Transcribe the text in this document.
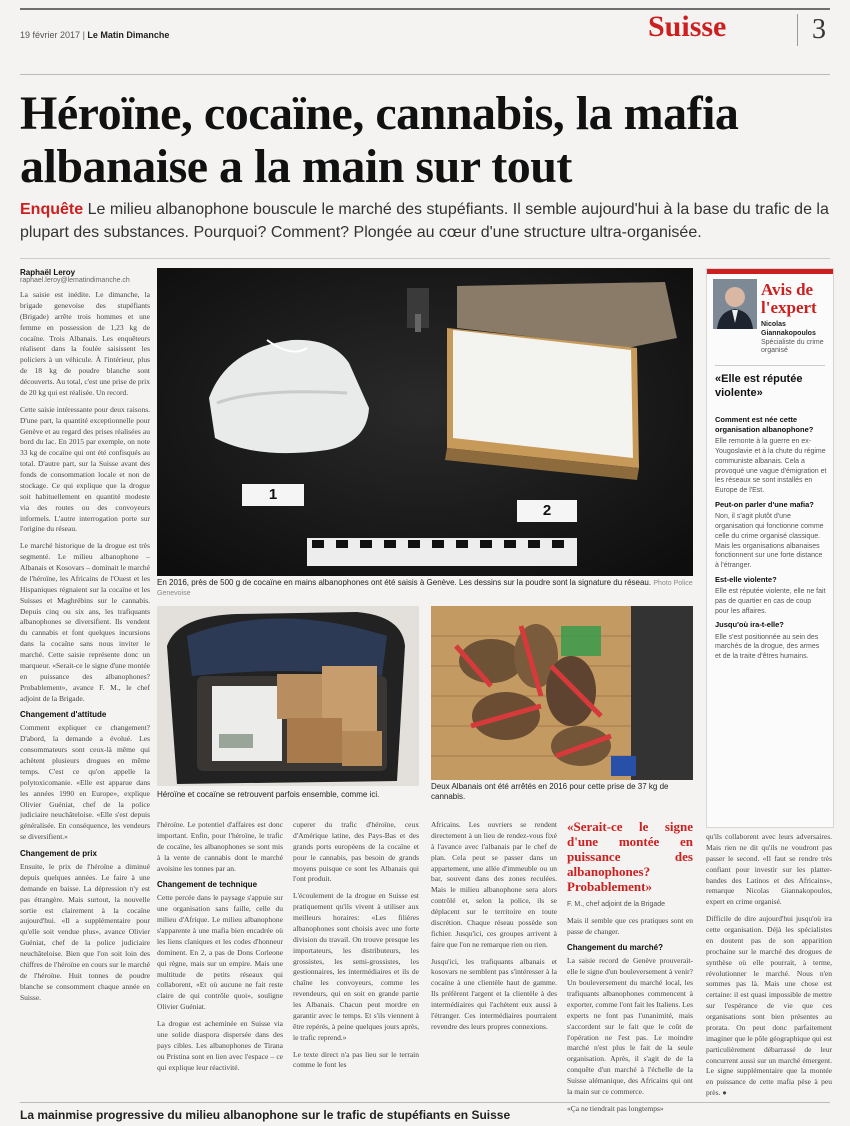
19 février 2017 | Le Matin Dimanche	Suisse	3
Héroïne, cocaïne, cannabis, la mafia albanaise a la main sur tout
Enquête Le milieu albanophone bouscule le marché des stupéfiants. Il semble aujourd'hui à la base du trafic de la plupart des substances. Pourquoi? Comment? Plongée au cœur d'une structure ultra-organisée.
Raphaël Leroy
raphael.leroy@lematindimanche.ch

La saisie est inédite. Le dimanche, la brigade genevoise des stupéfiants (Brigade) arrête trois hommes et une femme en possession de 1,23 kg de cocaïne. Trois Albanais. Les enquêteurs réalisent dans la foulée saisissent les policiers à un véhicule. À l'intérieur, plus de 18 kg de poudre blanche sont découverts. Au total, c'est une prise de prix de 20 kg qui est réalisée. Un record.

Cette saisie intéressante pour deux raisons. D'une part, la quantité exceptionnelle pour Genève et au regard des prises réalisées au bord du lac. En 2015 par exemple, on note 33 kg de cocaïne qui ont été confisqués au total. D'autre part, sur la Suisse avant des fonds de consommation locale et non de stockage. Ce qui explique que la drogue soit habituellement en quantité modeste via des routes ou des convoyeurs informels. L'autre interrogation porte sur l'origine du réseau.

Le marché historique de la drogue est très segmenté. Le milieu albanophone – Albanais et Kosovars – dominait le marché de l'héroïne, les Africains de l'Ouest et les Hispaniques régnaient sur la cocaïne et les Suisses et Maghrébins sur le cannabis. Depuis cinq ou six ans, les trafiquants albanophones se diversifient. Ils vendent du cannabis et font quelques incursions dans la cocaïne sans nous inviter le marché. Cette saisie représente donc un marqueur. «Serait-ce le signe d'une montée en puissance des albanophones? Probablement», avance F. M., le chef adjoint de la Brigade.

Changement d'attitude

Comment expliquer ce changement? D'abord, la demande a évolué. Les consommateurs sont ceux-là même qui achètent plusieurs drogues en même temps. C'est ce qu'on appelle la polytoxicomanie. «Elle est apparue dans les années 1990 en Europe», explique Olivier Guéniat, chef de la police judiciaire neuchâteloise. «Elle s'est depuis généralisée. En conséquence, les vendeurs se diversifient.»

Changement de prix

Ensuite, le prix de l'héroïne a diminué depuis quelques années. Le faire à une demande en baisse. La dépression n'y est pas étrangère. Mais surtout, la nouvelle sortie est clairement à la cocaïne aujourd'hui. «Il a supplémentaire pour qu'elle soit vendue plus», avance Olivier Guéniat, chef de la police judiciaire neuchâteloise. Bien que l'on soit loin des chiffres de l'héroïne en cours sur le marché de l'héroïne. Huit tonnes de poudre blanche se consomment chaque année en Suisse.

1
2
En 2016, près de 500 g de cocaïne en mains albanophones ont été saisis à Genève. Les dessins sur la poudre sont la signature du réseau. Photo Police Genevoise
Héroïne et cocaïne se retrouvent parfois ensemble, comme ici.
Deux Albanais ont été arrêtés en 2016 pour cette prise de 37 kg de cannabis.
Avis de l'expert
Nicolas Giannakopoulos
Spécialiste du crime organisé
«Elle est réputée violente»
Comment est née cette organisation albanophone?
Elle remonte à la guerre en ex-Yougoslavie et à la chute du régime communiste albanais. Cela a provoqué une vague d'émigration et les réseaux se sont installés en Europe de l'Est.
Peut-on parler d'une mafia?
Non, il s'agit plutôt d'une organisation qui fonctionne comme celle du crime organisé classique. Mais les organisations albanaises fonctionnent sur une forte distance à l'étranger.
Est-elle violente?
Elle est réputée violente, elle ne fait pas de quartier en cas de coup pour les affaires.
Jusqu'où ira-t-elle?
Elle s'est positionnée au sein des marchés de la drogue, des armes et de la traite d'êtres humains.

l'héroïne. Le potentiel d'affaires est donc important. Enfin, pour l'héroïne, le trafic de cocaïne, les albanophones se sont mis à la vente de cannabis dont le marché avoisine les tonnes par an.

Changement de technique

Cette percée dans le paysage s'appuie sur une organisation sans faille, celle du milieu d'Afrique. Le milieu albanophone s'apparente à une mafia bien encadrée où les liens claniques et les codes d'honneur dominent. En 2, a pas de Dons Corleone qui règne, mais sur un empire. Mais une multitude de petits réseaux qui collaborent, «Et où aucune ne fait reste claire de qui contrôle quoi», souligne Olivier Guéniat.

La drogue est acheminée en Suisse via une solide diaspora dispersée dans des pays cibles. Les albanophones de Tirana ou Pristina sont en lien avec l'espace – ce qui explique leur réactivité.

cuperer du trafic d'héroïne, ceux d'Amérique latine, des Pays-Bas et des grands ports européens de la cocaïne et pour le cannabis, pas besoin de grands moyens puisque ce sont les Albanais qui l'ont produit.

L'écoulement de la drogue en Suisse est pratiquement qu'ils vivent à utiliser aux meilleurs horaires: «Les filières albanophones sont choisis avec une forte division du travail. On trouve presque les importateurs, les distributeurs, les grossistes, les semi-grossistes, les gestionnaires, les intermédiaires et ils de chaîne les convoyeurs, comme les revendeurs, qui en soit en grande partie les Albanais. Chacun peut mordre en garantir avec le temps. Et s'ils viennent à être repérés, à peine quelques jours après, le trafic reprend.»

Le texte direct n'a pas lieu sur le terrain comme le font les

Africains. Les ouvriers se rendent directement à un lieu de rendez-vous fixé à l'avance avec l'albanais par le chef de plan. Cela peut se passer dans un appartement, une allée d'immeuble ou un bar, souvent dans des zones reculées. Mais le milieu albanophone sera alors contrôlé et, selon la police, ils se déplacent sur le territoire en toute discrétion. Chaque réseau possède son fichier. Jusqu'ici, ces groupes arrivent à faire que l'on ne remarque rien ou rien.

Jusqu'ici, les trafiquants albanais et kosovars ne semblent pas s'intéresser à la cocaïne à une clientèle haut de gamme. Ils préfèrent l'argent et la clientèle à des intermédiaires qui l'achètent eux aussi à l'étranger. Ces intermédiaires pourraient revendre des leurs propres connexions.

«Serait-ce le signe d'une montée en puissance des albanophones? Probablement»
F. M., chef adjoint de la Brigade

Mais il semble que ces pratiques sont en passe de changer.

Changement du marché?

La saisie record de Genève prouverait-elle le signe d'un bouleversement à venir? Un bouleversement du marché local, les trafiquants albanophones commencent à exporter, comme l'ont fait les Italiens. Les experts ne font pas l'unanimité, mais s'accordent sur le fait que le coût de l'opération ne l'est pas. Le moindre marché n'est plus le fait de la seule organisation. Après, il s'agit de de la conquête d'un marché à l'échelle de la Suisse alémanique, des Africains qui ont la main sur ce commerce.

«Ça ne tiendrait pas longtemps»

qu'ils collaborent avec leurs adversaires. Mais rien ne dit qu'ils ne voudront pas passer le second. «Il faut se rendre très confiant pour investir sur les platter-bandes des Latinos et des Africains», remarque Nicolas Giannakopoulos, expert en crime organisé.

Difficile de dire aujourd'hui jusqu'où ira cette organisation. Déjà les spécialistes en doutent pas de son apparition prochaine sur le marché des drogues de synthèse où elle pourrait, à terme, révolutionner le marché. Nous n'en sommes pas là. Mais une chose est certaine: il est quasi impossible de mettre sur l'espérance de vie que ces organisations sont bien présentes au prorata. On peut donc parfaitement imaginer que le pôle géographique qui est particulièrement débarrassé de leur concurrent aussi sur un marché émergent. Le signe supplémentaire que la montée en puissance de cette mafia pèse à peu près. ●

La mainmise progressive du milieu albanophone sur le trafic de stupéfiants en Suisse
